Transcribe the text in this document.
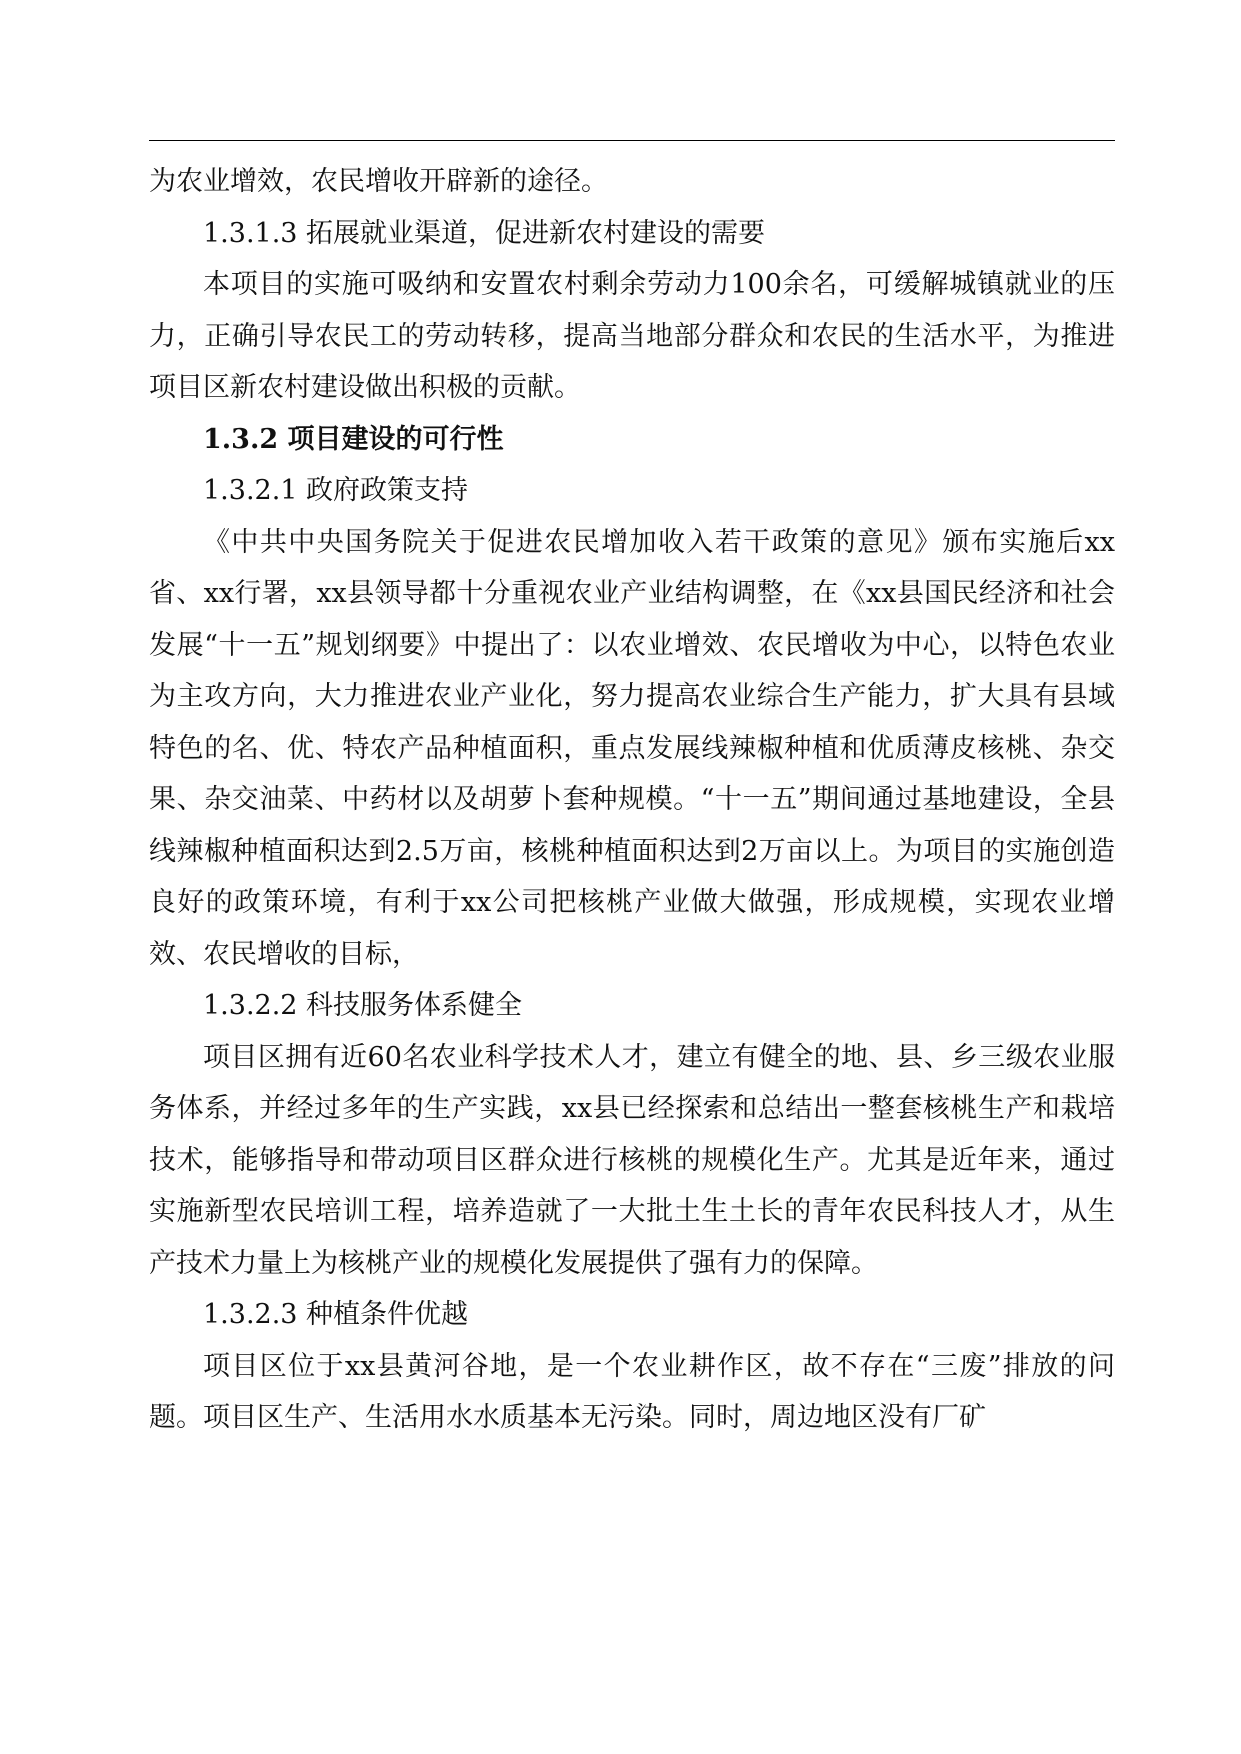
为农业增效，农民增收开辟新的途径。

1.3.1.3 拓展就业渠道，促进新农村建设的需要

本项目的实施可吸纳和安置农村剩余劳动力100余名，可缓解城镇就业的压力，正确引导农民工的劳动转移，提高当地部分群众和农民的生活水平，为推进项目区新农村建设做出积极的贡献。

1.3.2 项目建设的可行性

1.3.2.1 政府政策支持

《中共中央国务院关于促进农民增加收入若干政策的意见》颁布实施后xx省、xx行署，xx县领导都十分重视农业产业结构调整，在《xx县国民经济和社会发展“十一五”规划纲要》中提出了：以农业增效、农民增收为中心，以特色农业为主攻方向，大力推进农业产业化，努力提高农业综合生产能力，扩大具有县域特色的名、优、特农产品种植面积，重点发展线辣椒种植和优质薄皮核桃、杂交果、杂交油菜、中药材以及胡萝卜套种规模。“十一五”期间通过基地建设，全县线辣椒种植面积达到2.5万亩，核桃种植面积达到2万亩以上。为项目的实施创造良好的政策环境，有利于xx公司把核桃产业做大做强，形成规模，实现农业增效、农民增收的目标，

1.3.2.2 科技服务体系健全

项目区拥有近60名农业科学技术人才，建立有健全的地、县、乡三级农业服务体系，并经过多年的生产实践，xx县已经探索和总结出一整套核桃生产和栽培技术，能够指导和带动项目区群众进行核桃的规模化生产。尤其是近年来，通过实施新型农民培训工程，培养造就了一大批土生土长的青年农民科技人才，从生产技术力量上为核桃产业的规模化发展提供了强有力的保障。

1.3.2.3 种植条件优越

项目区位于xx县黄河谷地，是一个农业耕作区，故不存在“三废”排放的问题。项目区生产、生活用水水质基本无污染。同时，周边地区没有厂矿
